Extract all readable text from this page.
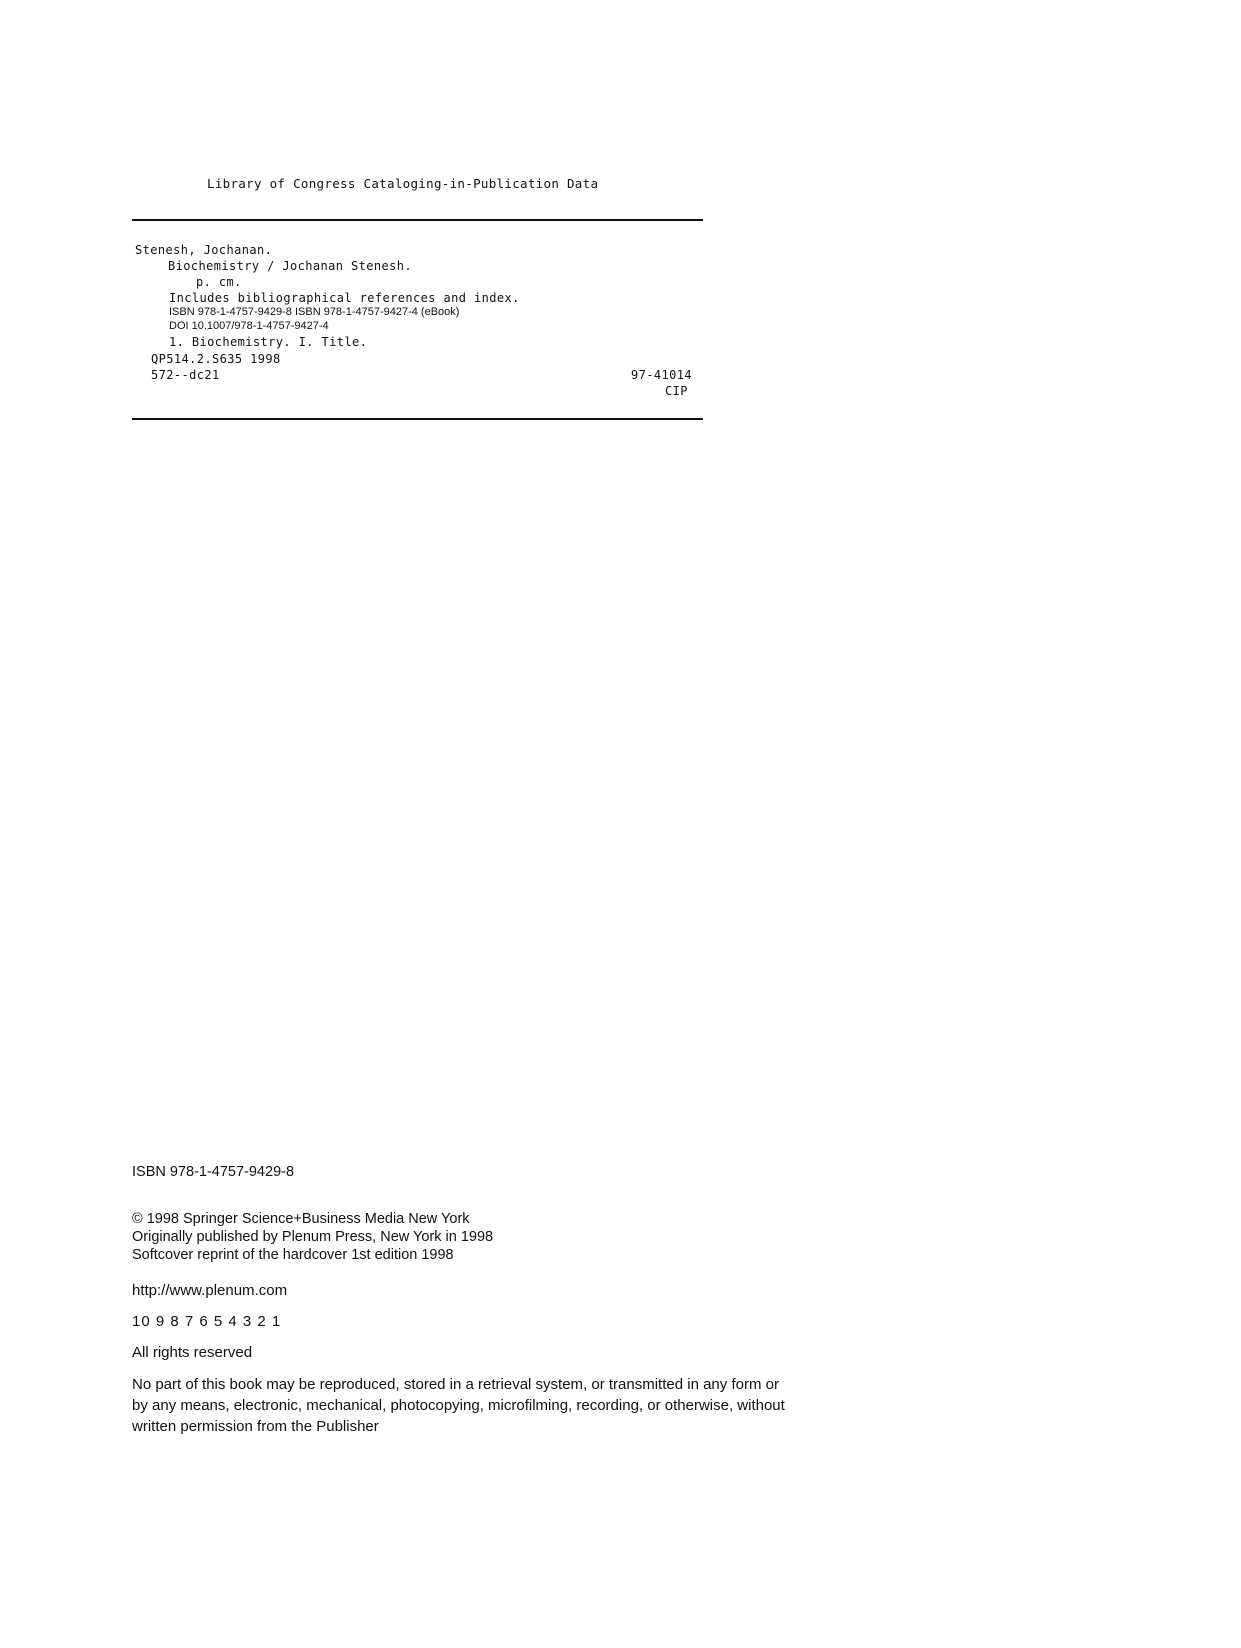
Library of Congress Cataloging-in-Publication Data
Stenesh, Jochanan.
Biochemistry / Jochanan Stenesh.
p. cm.
Includes bibliographical references and index.
ISBN 978-1-4757-9429-8 ISBN 978-1-4757-9427-4 (eBook)
DOI 10.1007/978-1-4757-9427-4
1. Biochemistry. I. Title.
QP514.2.S635 1998
572--dc21	97-41014
CIP
ISBN 978-1-4757-9429-8
© 1998 Springer Science+Business Media New York
Originally published by Plenum Press, New York in 1998
Softcover reprint of the hardcover 1st edition 1998
http://www.plenum.com
10 9 8 7 6 5 4 3 2 1
All rights reserved
No part of this book may be reproduced, stored in a retrieval system, or transmitted in any form or
by any means, electronic, mechanical, photocopying, microfilming, recording, or otherwise, without
written permission from the Publisher
